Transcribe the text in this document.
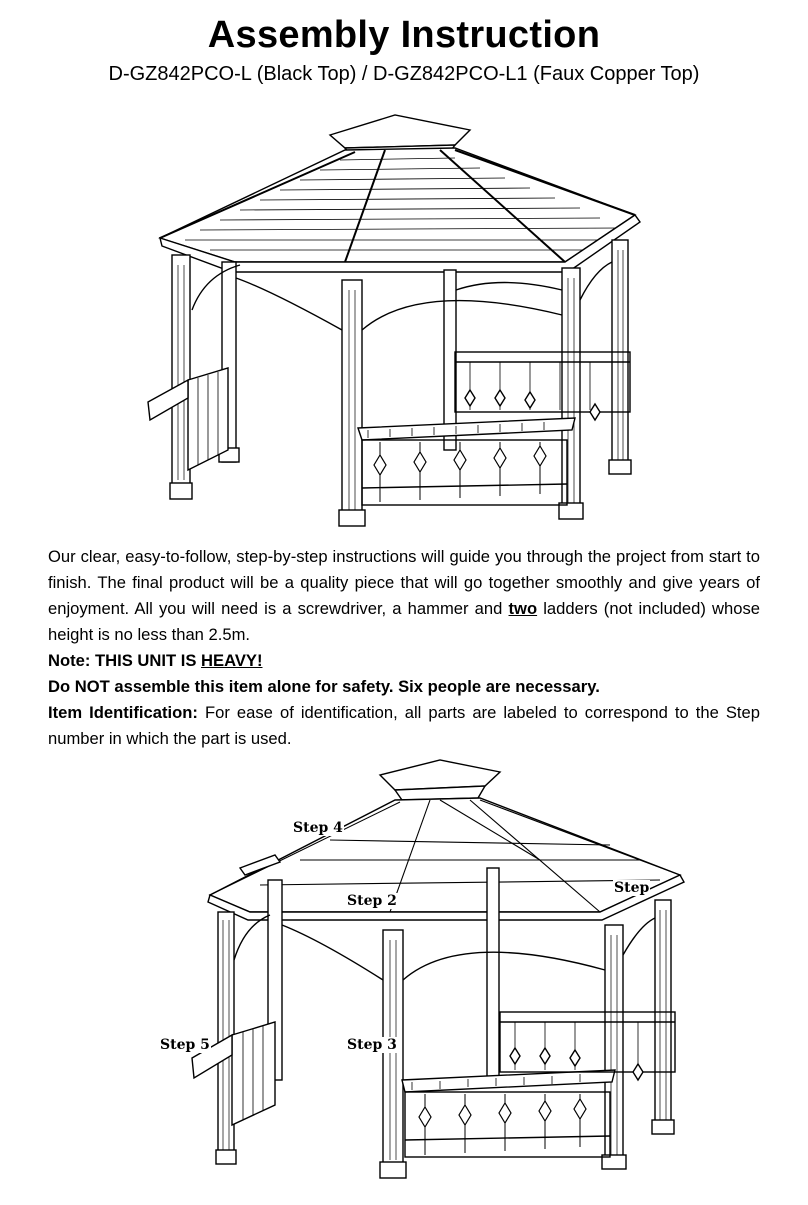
Assembly Instruction
D-GZ842PCO-L (Black Top) / D-GZ842PCO-L1 (Faux Copper Top)

Our clear, easy-to-follow, step-by-step instructions will guide you through the project from start to finish. The final product will be a quality piece that will go together smoothly and give years of enjoyment. All you will need is a screwdriver, a hammer and two ladders (not included) whose height is no less than 2.5m.

Note: THIS UNIT IS HEAVY!

Do NOT assemble this item alone for safety. Six people are necessary.

Item Identification: For ease of identification, all parts are labeled to correspond to the Step number in which the part is used.

Step 4
Step 2
Step
Step 5	Step 3
